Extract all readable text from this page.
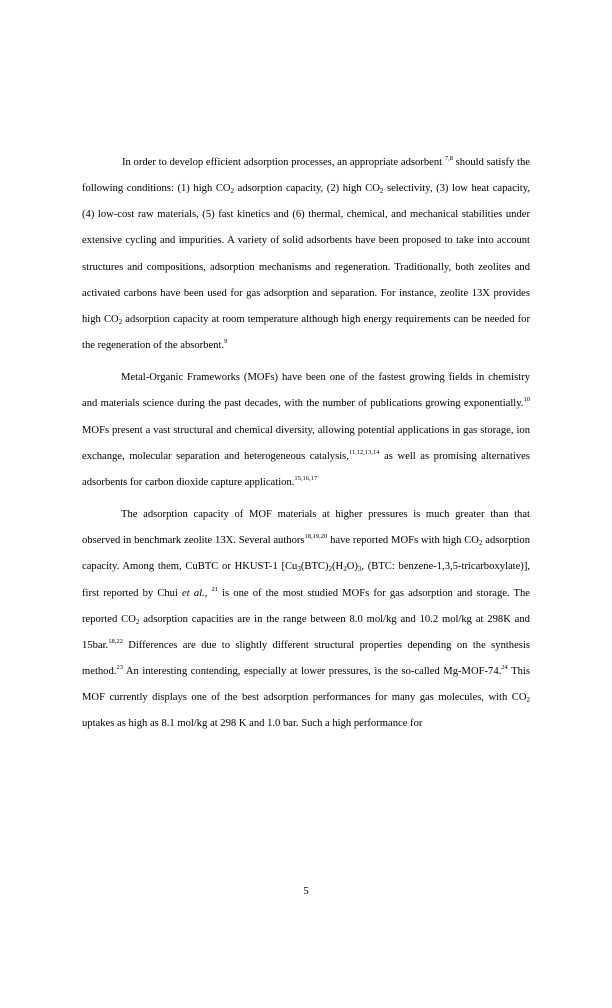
In order to develop efficient adsorption processes, an appropriate adsorbent $^{7,8}$ should satisfy the following conditions: (1) high $CO_2$ adsorption capacity, (2) high $CO_2$ selectivity, (3) low heat capacity, (4) low-cost raw materials, (5) fast kinetics and (6) thermal, chemical, and mechanical stabilities under extensive cycling and impurities. A variety of solid adsorbents have been proposed to take into account structures and compositions, adsorption mechanisms and regeneration. Traditionally, both zeolites and activated carbons have been used for gas adsorption and separation. For instance, zeolite 13X provides high $CO_2$ adsorption capacity at room temperature although high energy requirements can be needed for the regeneration of the absorbent.$^9$

Metal-Organic Frameworks (MOFs) have been one of the fastest growing fields in chemistry and materials science during the past decades, with the number of publications growing exponentially.$^{10}$ MOFs present a vast structural and chemical diversity, allowing potential applications in gas storage, ion exchange, molecular separation and heterogeneous catalysis,$^{11,12,13,14}$ as well as promising alternatives adsorbents for carbon dioxide capture application.$^{15,16,17}$

The adsorption capacity of MOF materials at higher pressures is much greater than that observed in benchmark zeolite 13X. Several authors$^{18,19,20}$ have reported MOFs with high $CO_2$ adsorption capacity. Among them, CuBTC or HKUST-1 [$Cu_3(BTC)_2(H_2O)_3$, (BTC: benzene-1,3,5-tricarboxylate)], first reported by Chui et al., $^{21}$ is one of the most studied MOFs for gas adsorption and storage. The reported $CO_2$ adsorption capacities are in the range between 8.0 mol/kg and 10.2 mol/kg at 298K and 15bar.$^{18,22}$ Differences are due to slightly different structural properties depending on the synthesis method.$^{23}$ An interesting contending, especially at lower pressures, is the so-called Mg-MOF-74.24 This MOF currently displays one of the best adsorption performances for many gas molecules, with $CO_2$ uptakes as high as 8.1 mol/kg at 298 K and 1.0 bar. Such a high performance for

5
